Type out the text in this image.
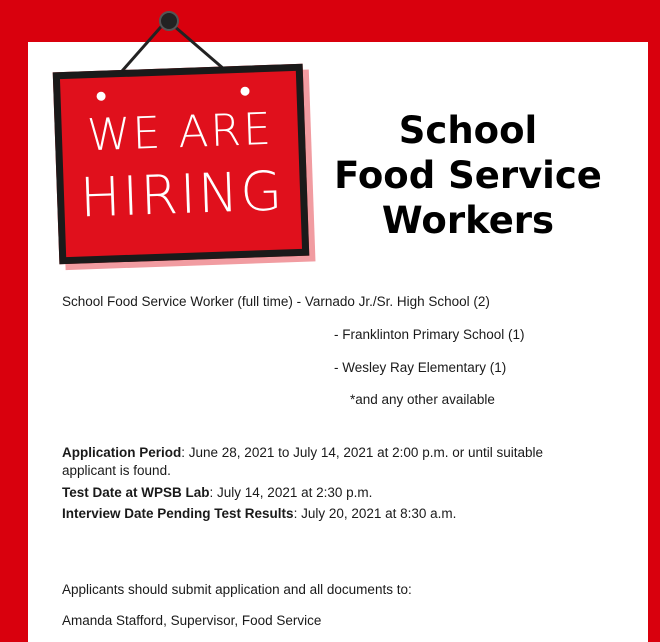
WE ARE
HIRING
School
Food Service
Workers
School Food Service Worker (full time) - Varnado Jr./Sr. High School (2)
- Franklinton Primary School (1)
- Wesley Ray Elementary (1)
*and any other available
Application Period: June 28, 2021 to July 14, 2021 at 2:00 p.m. or until suitable
applicant is found.
Test Date at WPSB Lab: July 14, 2021 at 2:30 p.m.
Interview Date Pending Test Results: July 20, 2021 at 8:30 a.m.
Applicants should submit application and all documents to:
Amanda Stafford, Supervisor, Food Service
